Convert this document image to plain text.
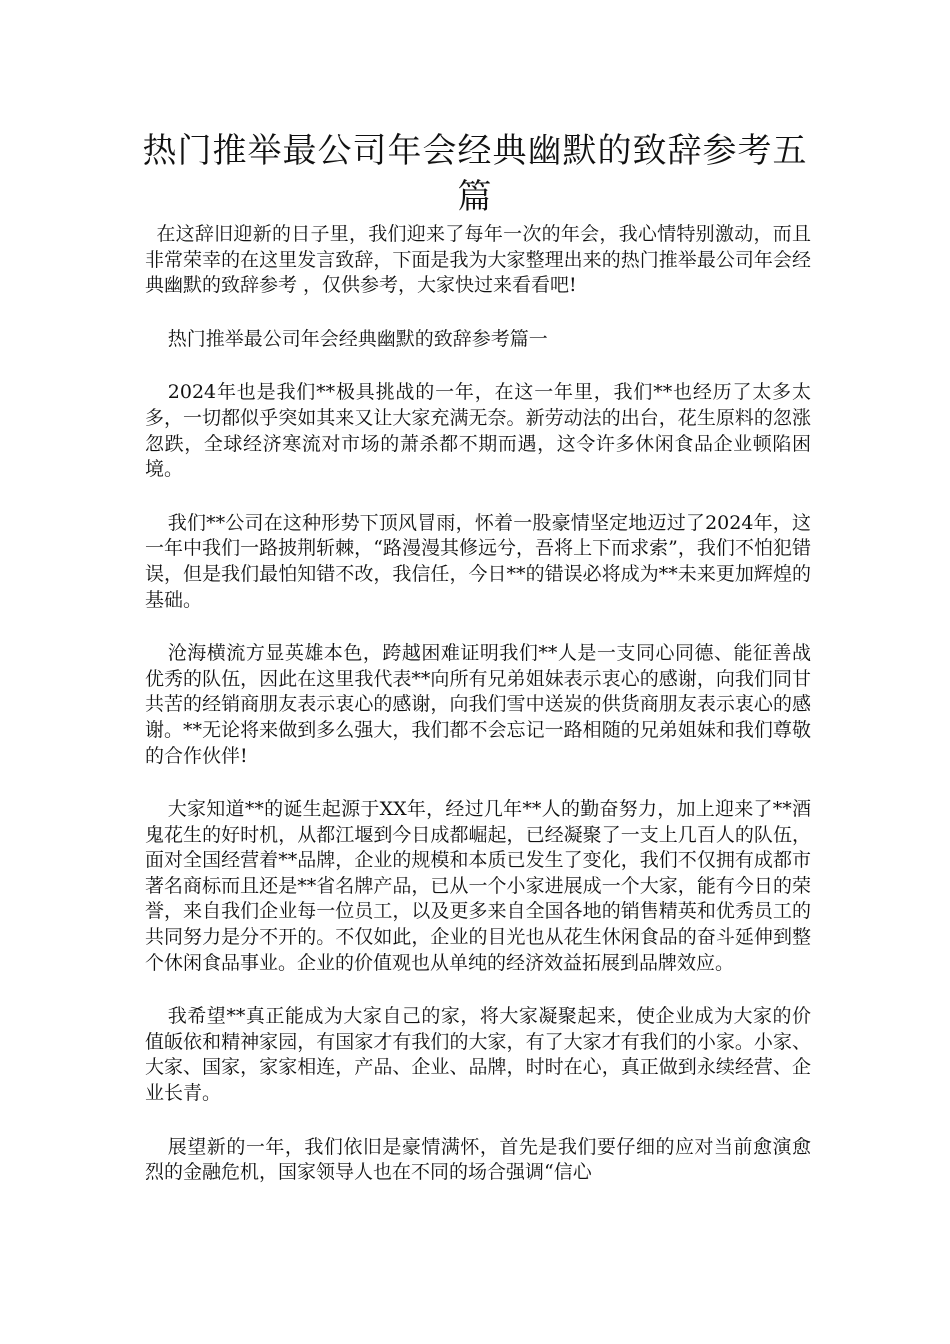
热门推举最公司年会经典幽默的致辞参考五篇

在这辞旧迎新的日子里，我们迎来了每年一次的年会，我心情特别激动，而且非常荣幸的在这里发言致辞，下面是我为大家整理出来的热门推举最公司年会经典幽默的致辞参考 ，仅供参考，大家快过来看看吧!

热门推举最公司年会经典幽默的致辞参考篇一

2024年也是我们**极具挑战的一年，在这一年里，我们**也经历了太多太多，一切都似乎突如其来又让大家充满无奈。新劳动法的出台，花生原料的忽涨忽跌，全球经济寒流对市场的萧杀都不期而遇，这令许多休闲食品企业顿陷困境。

我们**公司在这种形势下顶风冒雨，怀着一股豪情坚定地迈过了2024年，这一年中我们一路披荆斩棘，“路漫漫其修远兮，吾将上下而求索”，我们不怕犯错误，但是我们最怕知错不改，我信任，今日**的错误必将成为**未来更加辉煌的基础。

沧海横流方显英雄本色，跨越困难证明我们**人是一支同心同德、能征善战优秀的队伍，因此在这里我代表**向所有兄弟姐妹表示衷心的感谢，向我们同甘共苦的经销商朋友表示衷心的感谢，向我们雪中送炭的供货商朋友表示衷心的感谢。**无论将来做到多么强大，我们都不会忘记一路相随的兄弟姐妹和我们尊敬的合作伙伴!

大家知道**的诞生起源于XX年，经过几年**人的勤奋努力，加上迎来了**酒鬼花生的好时机，从都江堰到今日成都崛起，已经凝聚了一支上几百人的队伍，面对全国经营着**品牌，企业的规模和本质已发生了变化，我们不仅拥有成都市著名商标而且还是**省名牌产品，已从一个小家进展成一个大家，能有今日的荣誉，来自我们企业每一位员工，以及更多来自全国各地的销售精英和优秀员工的共同努力是分不开的。不仅如此，企业的目光也从花生休闲食品的奋斗延伸到整个休闲食品事业。企业的价值观也从单纯的经济效益拓展到品牌效应。

我希望**真正能成为大家自己的家，将大家凝聚起来，使企业成为大家的价值皈依和精神家园，有国家才有我们的大家，有了大家才有我们的小家。小家、大家、国家，家家相连，产品、企业、品牌，时时在心，真正做到永续经营、企业长青。

展望新的一年，我们依旧是豪情满怀，首先是我们要仔细的应对当前愈演愈烈的金融危机，国家领导人也在不同的场合强调“信心
